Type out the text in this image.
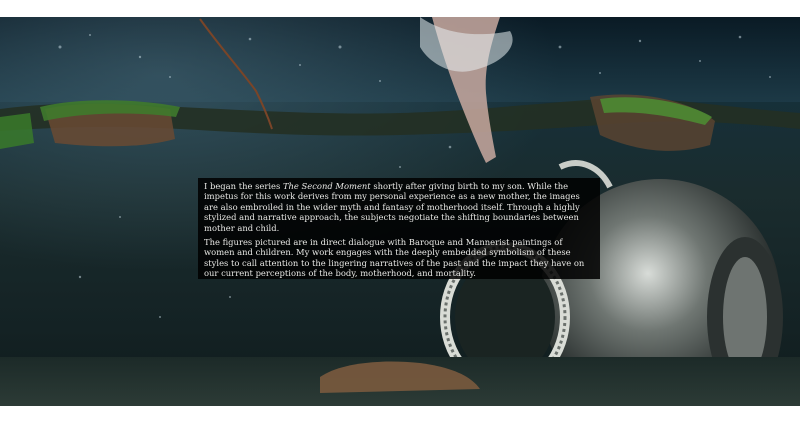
I began the series The Second Moment shortly after giving birth to my son. While the impetus for this work derives from my personal experience as a new mother, the images are also embroiled in the wider myth and fantasy of motherhood itself. Through a highly stylized and narrative approach, the subjects negotiate the shifting boundaries between mother and child.

The figures pictured are in direct dialogue with Baroque and Mannerist paintings of women and children. My work engages with the deeply embedded symbolism of these styles to call attention to the lingering narratives of the past and the impact they have on our current perceptions of the body, motherhood, and mortality.
